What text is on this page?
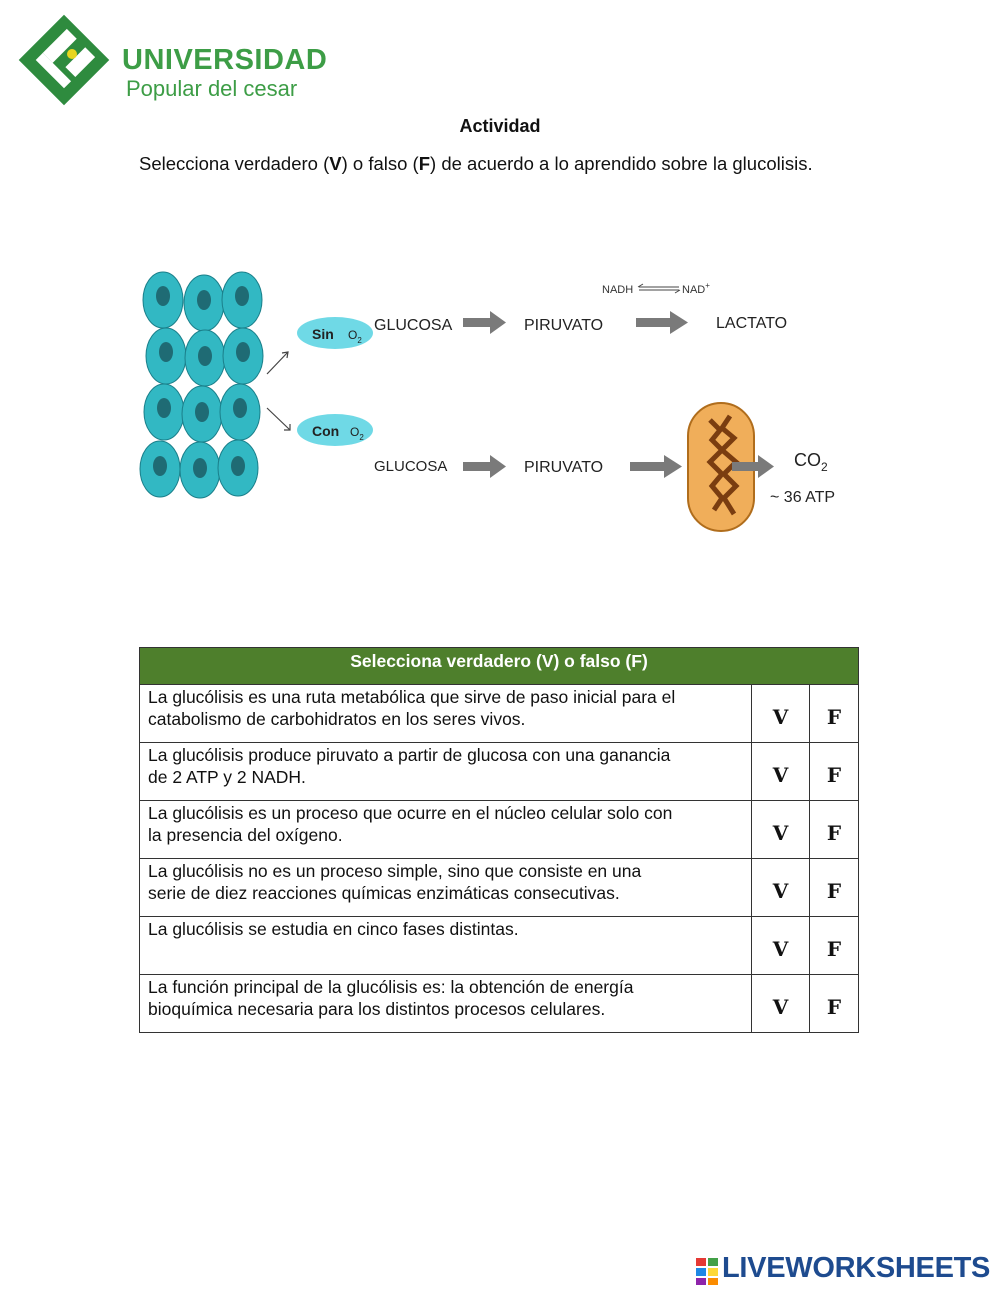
UNIVERSIDAD
Popular del cesar
Actividad
Selecciona verdadero (V) o falso (F) de acuerdo a lo aprendido sobre la glucolisis.
Sin $O_2$
GLUCOSA	PIRUVATO	LACTATO
NADH	NAD+
Con $O_2$
GLUCOSA	PIRUVATO	$CO_2$
~ 36 ATP
Selecciona verdadero (V) o falso (F)		
La glucólisis es una ruta metabólica que sirve de paso inicial para el
catabolismo de carbohidratos en los seres vivos.	V	F
La glucólisis produce piruvato a partir de glucosa con una ganancia
de 2 ATP y 2 NADH.	V	F
La glucólisis es un proceso que ocurre en el núcleo celular solo con
la presencia del oxígeno.	V	F
La glucólisis no es un proceso simple, sino que consiste en una
serie de diez reacciones químicas enzimáticas consecutivas.	V	F
La glucólisis se estudia en cinco fases distintas.	V	F
La función principal de la glucólisis es: la obtención de energía
bioquímica necesaria para los distintos procesos celulares.	V	F
LIVEWORKSHEETS
